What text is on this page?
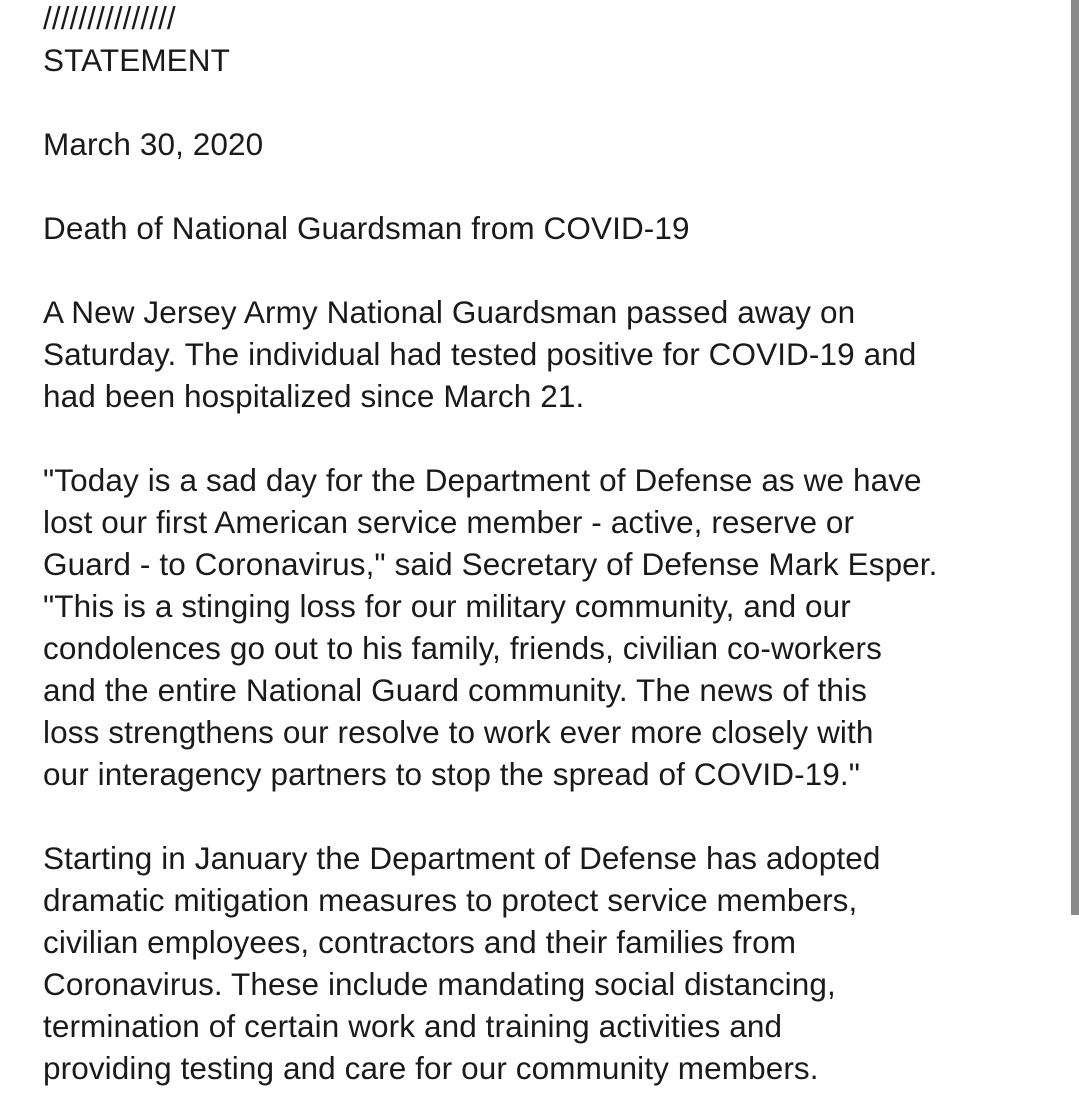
///////////////
STATEMENT
March 30, 2020
Death of National Guardsman from COVID-19
A New Jersey Army National Guardsman passed away on
Saturday. The individual had tested positive for COVID-19 and
had been hospitalized since March 21.
"Today is a sad day for the Department of Defense as we have
lost our first American service member - active, reserve or
Guard - to Coronavirus," said Secretary of Defense Mark Esper.
"This is a stinging loss for our military community, and our
condolences go out to his family, friends, civilian co-workers
and the entire National Guard community. The news of this
loss strengthens our resolve to work ever more closely with
our interagency partners to stop the spread of COVID-19."
Starting in January the Department of Defense has adopted
dramatic mitigation measures to protect service members,
civilian employees, contractors and their families from
Coronavirus. These include mandating social distancing,
termination of certain work and training activities and
providing testing and care for our community members.
